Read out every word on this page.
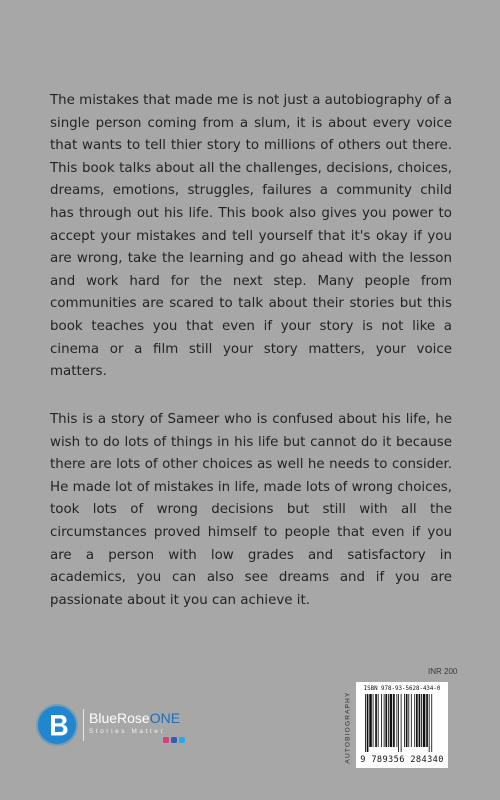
The mistakes that made me is not just a autobiography of a single person coming from a slum, it is about every voice that wants to tell thier story to millions of others out there. This book talks about all the challenges, decisions, choices, dreams, emotions, struggles, failures a community child has through out his life. This book also gives you power to accept your mistakes and tell yourself that it's okay if you are wrong, take the learning and go ahead with the lesson and work hard for the next step. Many people from communities are scared to talk about their stories but this book teaches you that even if your story is not like a cinema or a film still your story matters, your voice matters.

This is a story of Sameer who is confused about his life, he wish to do lots of things in his life but cannot do it because there are lots of other choices as well he needs to consider. He made lot of mistakes in life, made lots of wrong choices, took lots of wrong decisions but still with all the circumstances proved himself to people that even if you are a person with low grades and satisfactory in academics, you can also see dreams and if you are passionate about it you can achieve it.

INR 200
AUTOBIOGRAPHY
ISBN 978-93-5628-434-0
9 789356 284340
BlueRoseONE
Stories Matter
